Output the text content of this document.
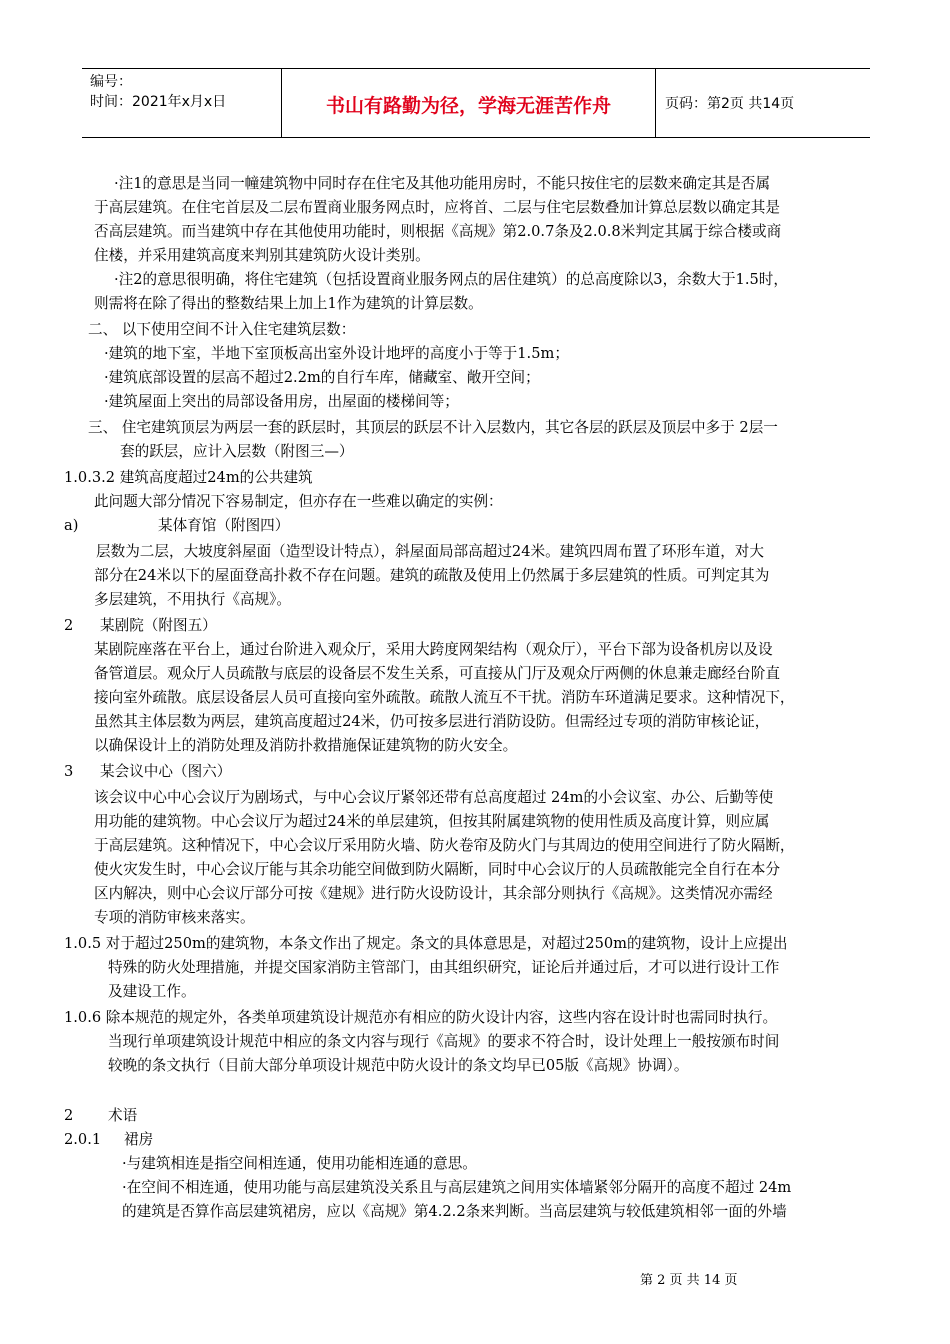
编号：
时间：2021年x月x日	书山有路勤为径，学海无涯苦作舟	页码：第2页 共14页
·注1的意思是当同一幢建筑物中同时存在住宅及其他功能用房时，不能只按住宅的层数来确定其是否属
于高层建筑。在住宅首层及二层布置商业服务网点时，应将首、二层与住宅层数叠加计算总层数以确定其是
否高层建筑。而当建筑中存在其他使用功能时，则根据《高规》第2.0.7条及2.0.8米判定其属于综合楼或商
住楼，并采用建筑高度来判别其建筑防火设计类别。
·注2的意思很明确，将住宅建筑（包括设置商业服务网点的居住建筑）的总高度除以3，余数大于1.5时，
则需将在除了得出的整数结果上加上1作为建筑的计算层数。
二、 以下使用空间不计入住宅建筑层数：
·建筑的地下室，半地下室顶板高出室外设计地坪的高度小于等于1.5m；
·建筑底部设置的层高不超过2.2m的自行车库，储藏室、敞开空间；
·建筑屋面上突出的局部设备用房，出屋面的楼梯间等；
三、 住宅建筑顶层为两层一套的跃层时，其顶层的跃层不计入层数内，其它各层的跃层及顶层中多于 2层一
套的跃层，应计入层数（附图三—）
1.0.3.2 建筑高度超过24m的公共建筑
此问题大部分情况下容易制定，但亦存在一些难以确定的实例：
a)	某体育馆（附图四）
层数为二层，大坡度斜屋面（造型设计特点），斜屋面局部高超过24米。建筑四周布置了环形车道，对大
部分在24米以下的屋面登高扑救不存在问题。建筑的疏散及使用上仍然属于多层建筑的性质。可判定其为
多层建筑，不用执行《高规》。
2 某剧院（附图五）
某剧院座落在平台上，通过台阶进入观众厅，采用大跨度网架结构（观众厅），平台下部为设备机房以及设
备管道层。观众厅人员疏散与底层的设备层不发生关系，可直接从门厅及观众厅两侧的休息兼走廊经台阶直
接向室外疏散。底层设备层人员可直接向室外疏散。疏散人流互不干扰。消防车环道满足要求。这种情况下，
虽然其主体层数为两层，建筑高度超过24米，仍可按多层进行消防设防。但需经过专项的消防审核论证，
以确保设计上的消防处理及消防扑救措施保证建筑物的防火安全。
3 某会议中心（图六）
该会议中心中心会议厅为剧场式，与中心会议厅紧邻还带有总高度超过 24m的小会议室、办公、后勤等使
用功能的建筑物。中心会议厅为超过24米的单层建筑，但按其附属建筑物的使用性质及高度计算，则应属
于高层建筑。这种情况下，中心会议厅采用防火墙、防火卷帘及防火门与其周边的使用空间进行了防火隔断，
使火灾发生时，中心会议厅能与其余功能空间做到防火隔断，同时中心会议厅的人员疏散能完全自行在本分
区内解决，则中心会议厅部分可按《建规》进行防火设防设计，其余部分则执行《高规》。这类情况亦需经
专项的消防审核来落实。
1.0.5 对于超过250m的建筑物，本条文作出了规定。条文的具体意思是，对超过250m的建筑物，设计上应提出
特殊的防火处理措施，并提交国家消防主管部门，由其组织研究，证论后并通过后，才可以进行设计工作
及建设工作。
1.0.6 除本规范的规定外，各类单项建筑设计规范亦有相应的防火设计内容，这些内容在设计时也需同时执行。
当现行单项建筑设计规范中相应的条文内容与现行《高规》的要求不符合时，设计处理上一般按颁布时间
较晚的条文执行（目前大部分单项设计规范中防火设计的条文均早已05版《高规》协调）。
2 术语
2.0.1 裙房
·与建筑相连是指空间相连通，使用功能相连通的意思。
·在空间不相连通，使用功能与高层建筑没关系且与高层建筑之间用实体墙紧邻分隔开的高度不超过 24m
的建筑是否算作高层建筑裙房，应以《高规》第4.2.2条来判断。当高层建筑与较低建筑相邻一面的外墙
第 2 页 共 14 页
